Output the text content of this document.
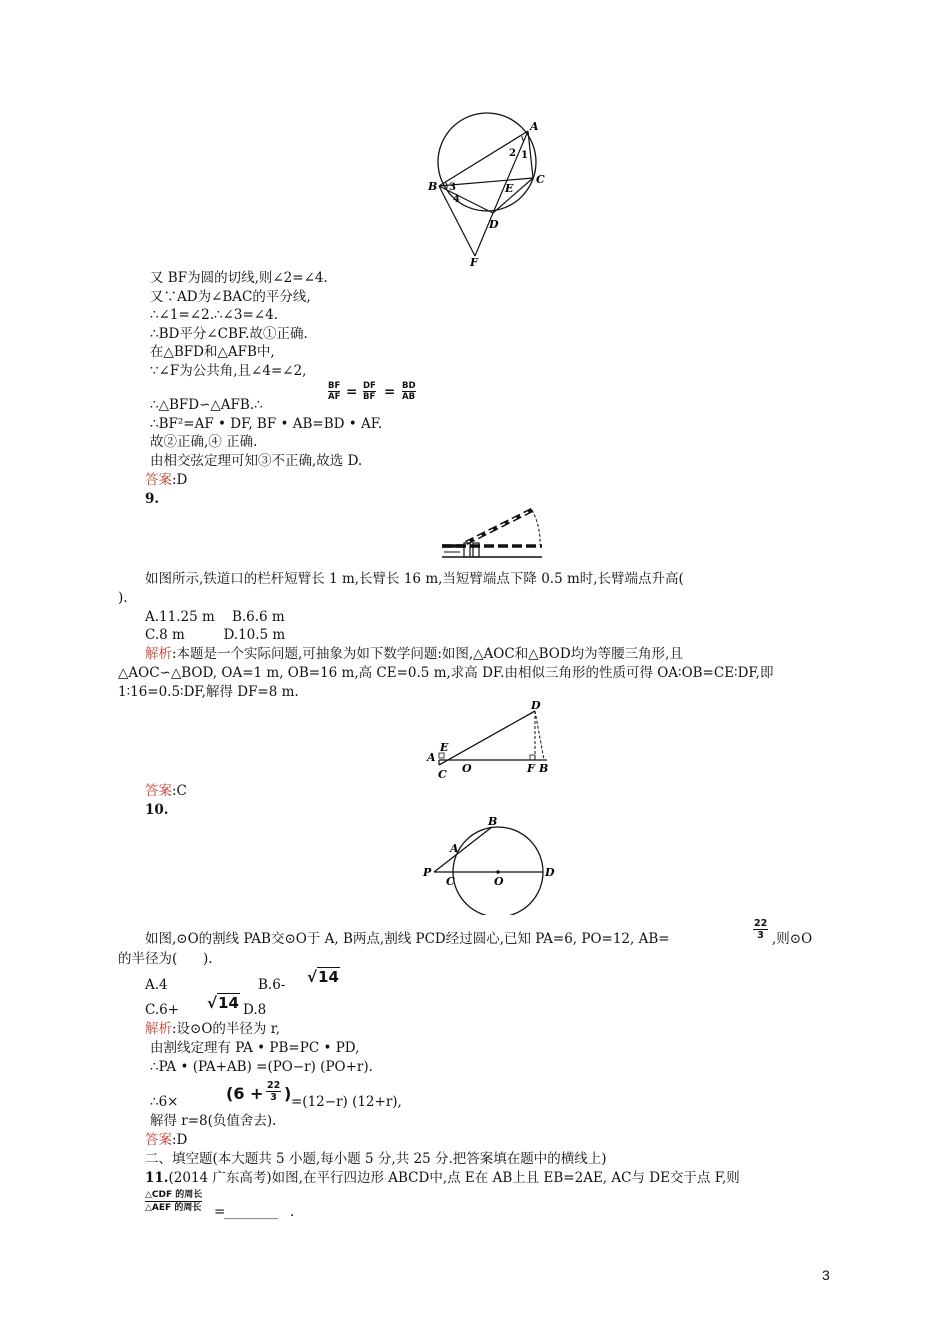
A
B
C
D
E
F
1
2
3
4
又 BF为圆的切线,则∠2=∠4.
又∵AD为∠BAC的平分线,
∴∠1=∠2.∴∠3=∠4.
∴BD平分∠CBF.故①正确.
在△BFD和△AFB中,
∵∠F为公共角,且∠4=∠2,
∴△BFD∽△AFB.∴
$\frac{BF}{AF} = \frac{DF}{BF} = \frac{BD}{AB}$
∴BF²=AF • DF, BF • AB=BD • AF.
故②正确,④ 正确.
由相交弦定理可知③不正确,故选 D.
答案:D
9.
如图所示,铁道口的栏杆短臂长 1 m,长臂长 16 m,当短臂端点下降 0.5 m时,长臂端点升高(
).
A.11.25 m    B.6.6 m
C.8 m         D.10.5 m
解析:本题是一个实际问题,可抽象为如下数学问题:如图,△AOC和△BOD均为等腰三角形,且
△AOC∽△BOD, OA=1 m, OB=16 m,高 CE=0.5 m,求高 DF.由相似三角形的性质可得 OA∶OB=CE∶DF,即
1∶16=0.5∶DF,解得 DF=8 m.
A
E
C O	F B
D
答案:C
10.
P
C
A
B
O
D
如图,⊙O的割线 PAB交⊙O于 A, B两点,割线 PCD经过圆心,已知 PA=6, PO=12, AB=	$\frac{22}{3}$ ,则⊙O
的半径为(      ).
A.4	B.6- √14
C.6+ √14 D.8
解析:设⊙O的半径为 r,
由割线定理有 PA • PB=PC • PD,
∴PA • (PA+AB) =(PO−r) (PO+r).
∴6×	($6 + \frac{22}{3}$ ) =(12−r) (12+r),
解得 r=8(负值舍去).
答案:D
二、填空题(本大题共 5 小题,每小题 5 分,共 25 分.把答案填在题中的横线上)
11.(2014 广东高考)如图,在平行四边形 ABCD中,点 E在 AB上且 EB=2AE, AC与 DE交于点 F,则
△CDF 的周长
△AEF 的周长 =
________ .
3
